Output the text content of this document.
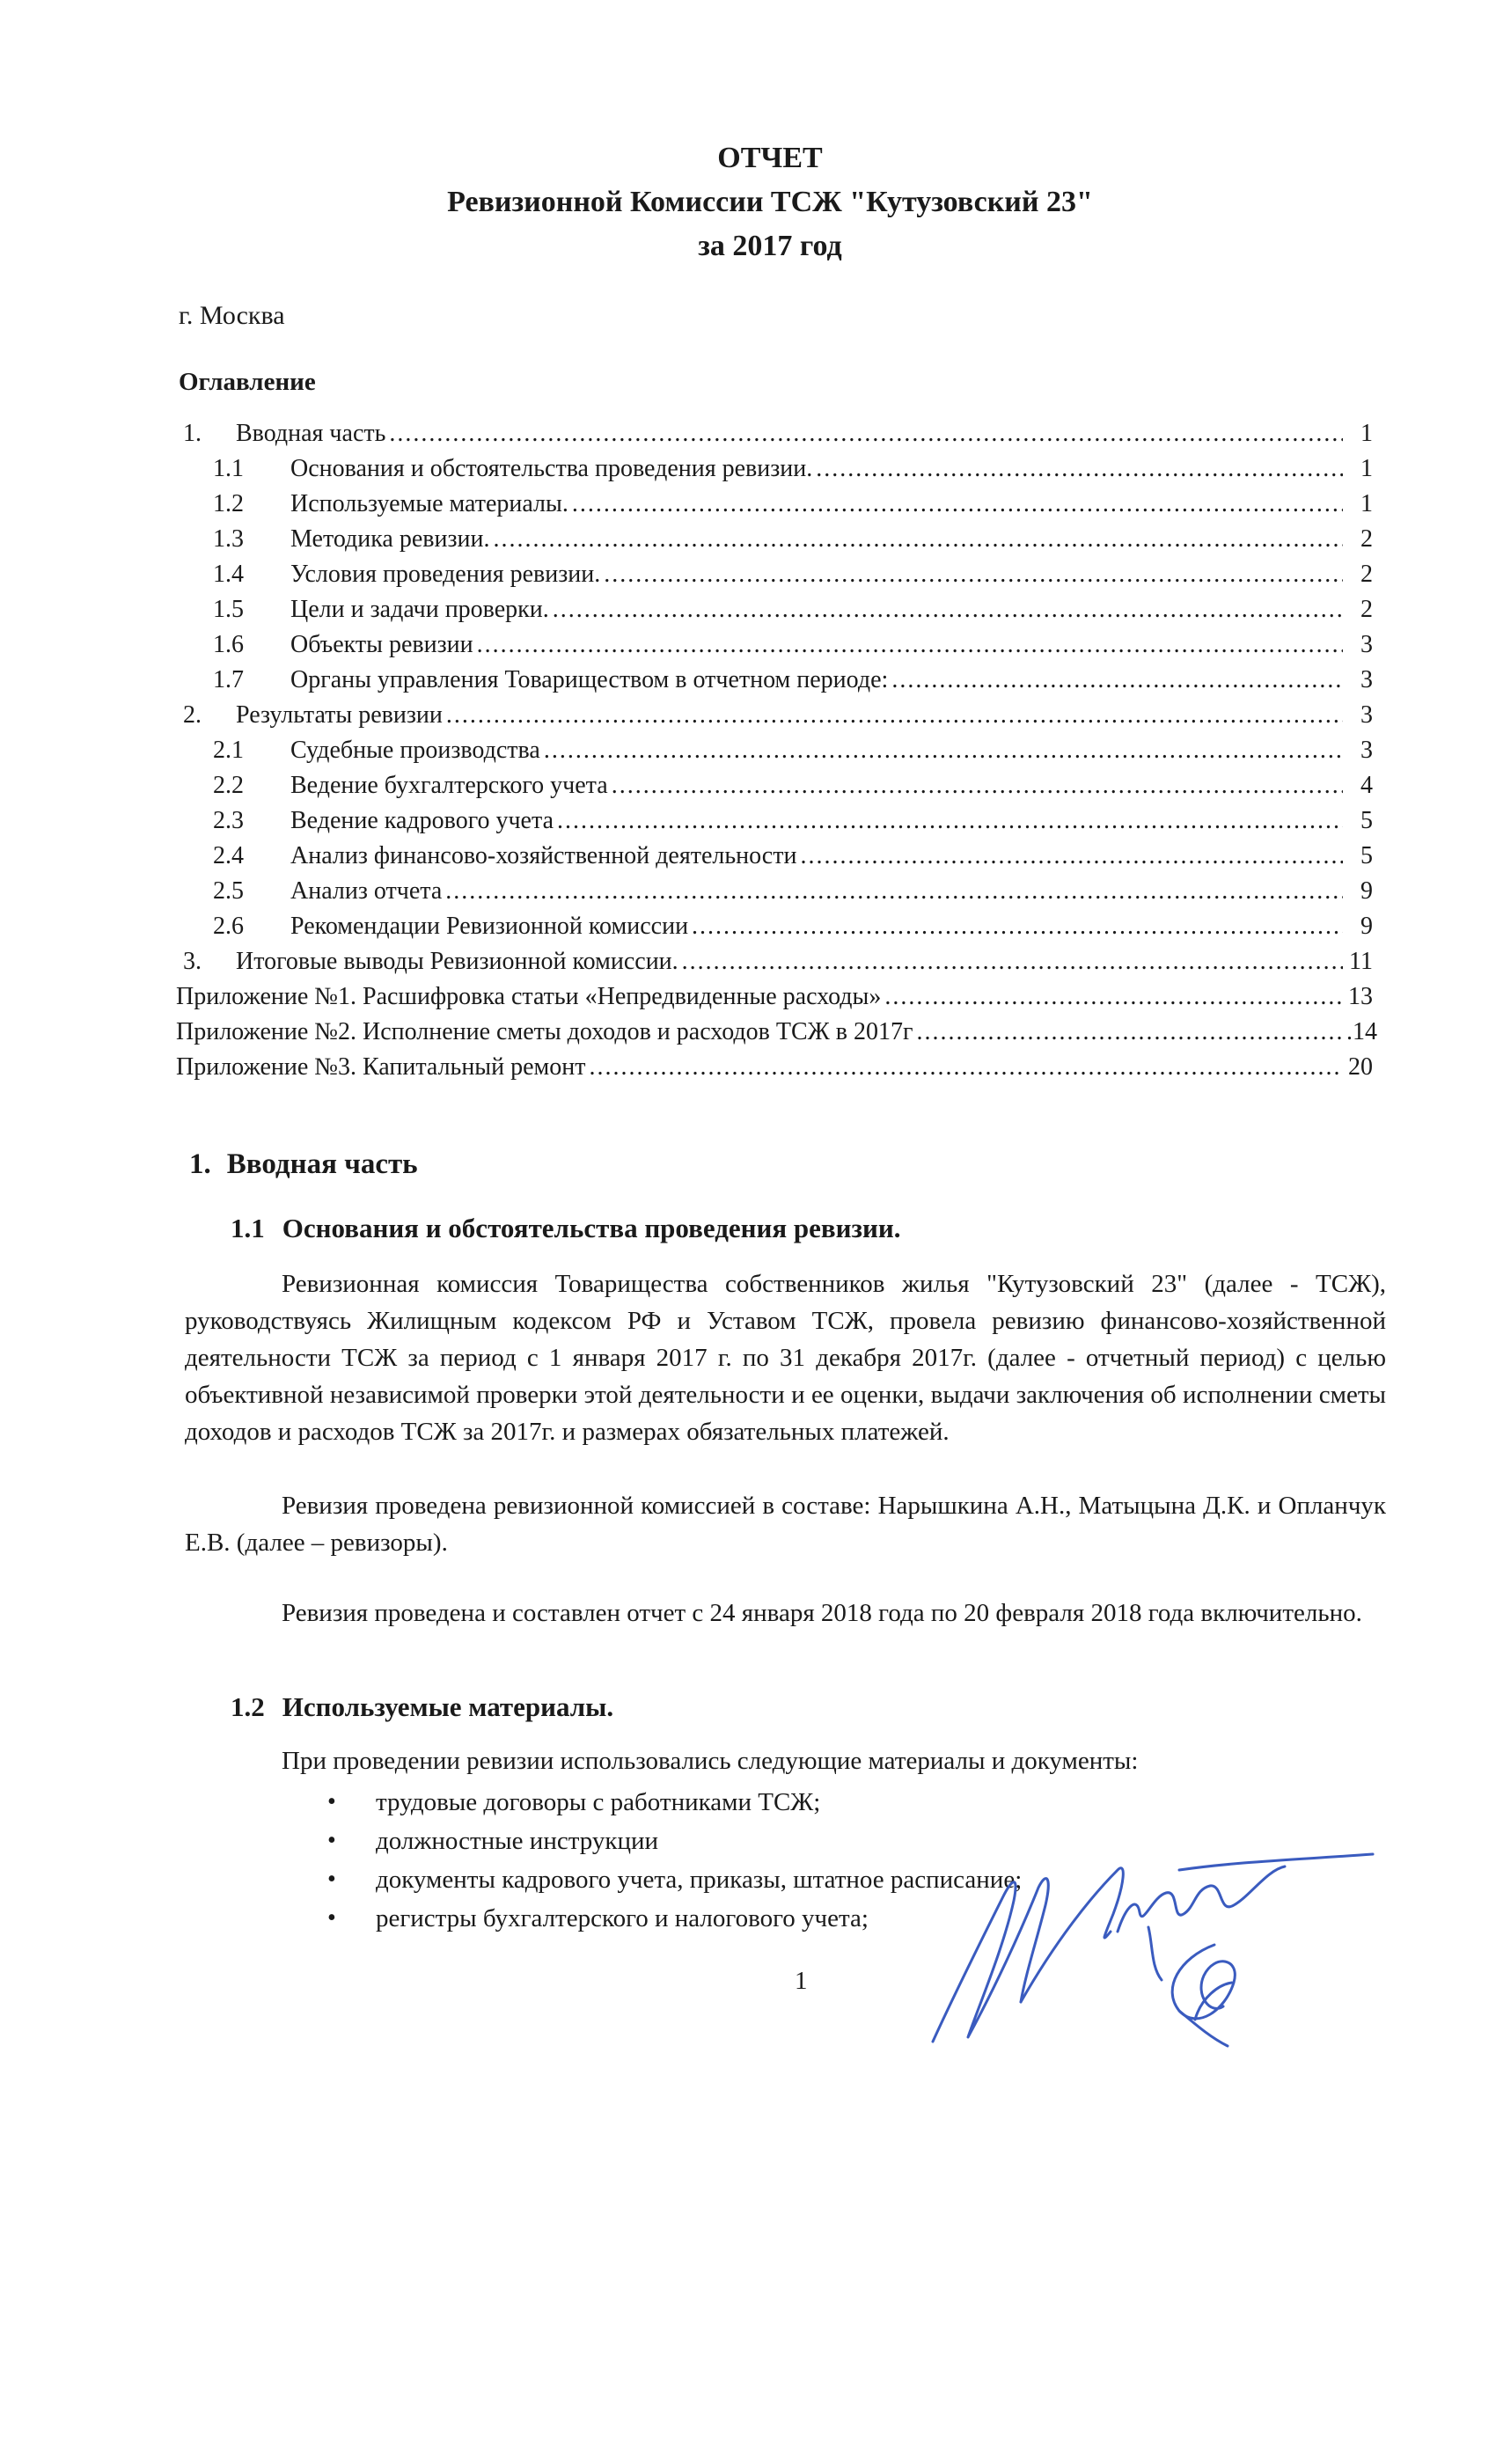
ОТЧЕТ

Ревизионной Комиссии ТСЖ "Кутузовский 23"

за 2017 год

г. Москва
Оглавление
1.	Вводная часть .....	1
1.1	Основания и обстоятельства проведения ревизии. .....	1
1.2	Используемые материалы. .....	1
1.3	Методика ревизии. .....	2
1.4	Условия проведения ревизии. .....	2
1.5	Цели и задачи проверки. .....	2
1.6	Объекты ревизии .....	3
1.7	Органы управления Товариществом в отчетном периоде: .....	3
2.	Результаты ревизии .....	3
2.1	Судебные производства .....	3
2.2	Ведение бухгалтерского учета .....	4
2.3	Ведение кадрового учета .....	5
2.4	Анализ финансово-хозяйственной деятельности .....	5
2.5	Анализ отчета .....	9
2.6	Рекомендации Ревизионной комиссии .....	9
3.	Итоговые выводы Ревизионной комиссии. .....	11
Приложение №1. Расшифровка статьи «Непредвиденные расходы» .....	13
Приложение №2. Исполнение сметы доходов и расходов ТСЖ в 2017г .....	.14
Приложение №3. Капитальный ремонт .....	20
1. Вводная часть
1.1 Основания и обстоятельства проведения ревизии.

Ревизионная комиссия Товарищества собственников жилья "Кутузовский 23" (далее - ТСЖ), руководствуясь Жилищным кодексом РФ и Уставом ТСЖ, провела ревизию финансово-хозяйственной деятельности ТСЖ за период с 1 января 2017 г. по 31 декабря 2017г. (далее - отчетный период) с целью объективной независимой проверки этой деятельности и ее оценки, выдачи заключения об исполнении сметы доходов и расходов ТСЖ за 2017г. и размерах обязательных платежей.

Ревизия проведена ревизионной комиссией в составе: Нарышкина А.Н., Матыцына Д.К. и Опланчук Е.В. (далее – ревизоры).

Ревизия проведена и составлен отчет с 24 января 2018 года по 20 февраля 2018 года включительно.

1.2 Используемые материалы.
При проведении ревизии использовались следующие материалы и документы:
• трудовые договоры с работниками ТСЖ;
• должностные инструкции
• документы кадрового учета, приказы, штатное расписание;
• регистры бухгалтерского и налогового учета;
1
